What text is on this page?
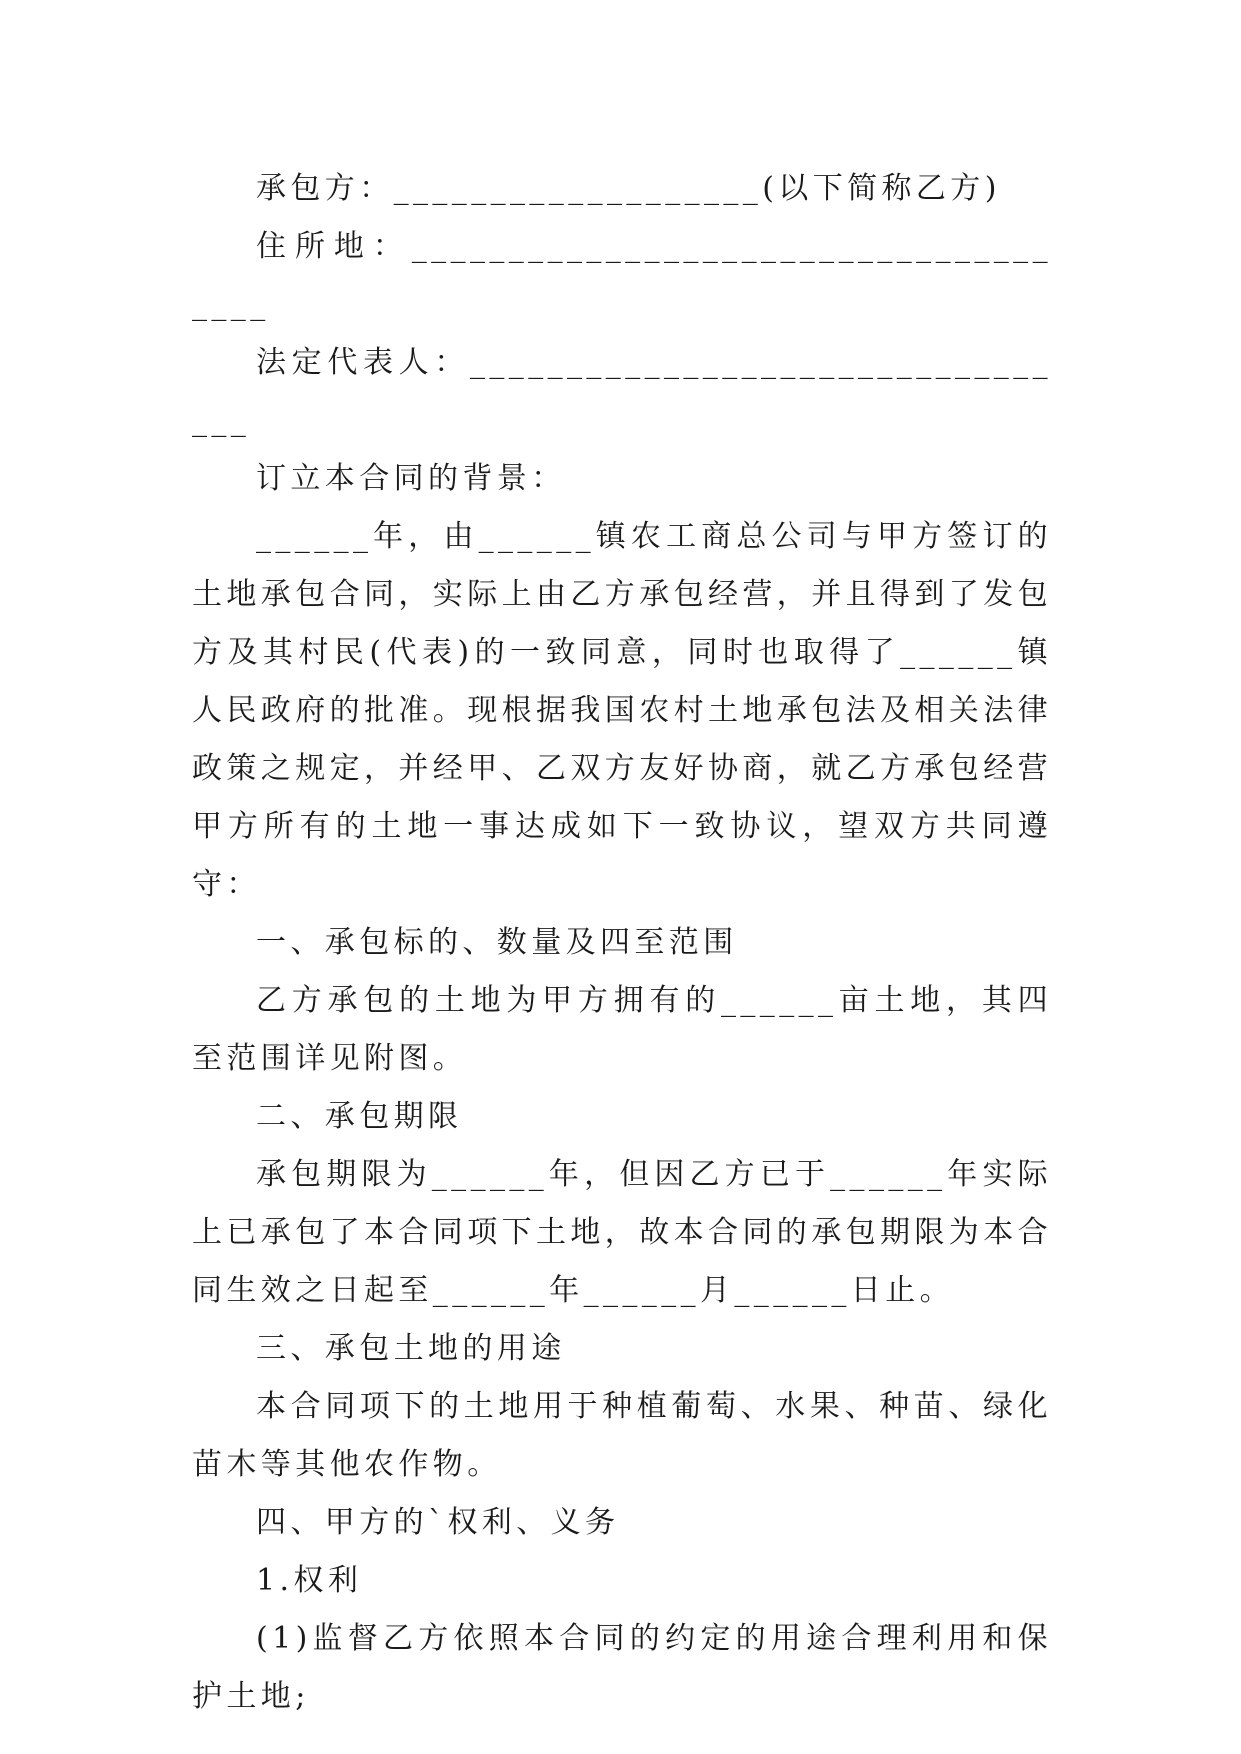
承包方：___________________(以下简称乙方)

住所地：_____________________________________

法定代表人：_________________________________

订立本合同的背景：

______年，由______镇农工商总公司与甲方签订的土地承包合同，实际上由乙方承包经营，并且得到了发包方及其村民(代表)的一致同意，同时也取得了______镇人民政府的批准。现根据我国农村土地承包法及相关法律政策之规定，并经甲、乙双方友好协商，就乙方承包经营甲方所有的土地一事达成如下一致协议，望双方共同遵守：

一、承包标的、数量及四至范围

乙方承包的土地为甲方拥有的______亩土地，其四至范围详见附图。

二、承包期限

承包期限为______年，但因乙方已于______年实际上已承包了本合同项下土地，故本合同的承包期限为本合同生效之日起至______年______月______日止。

三、承包土地的用途

本合同项下的土地用于种植葡萄、水果、种苗、绿化苗木等其他农作物。

四、甲方的`权利、义务

1.权利

(1)监督乙方依照本合同的约定的用途合理利用和保护土地;
